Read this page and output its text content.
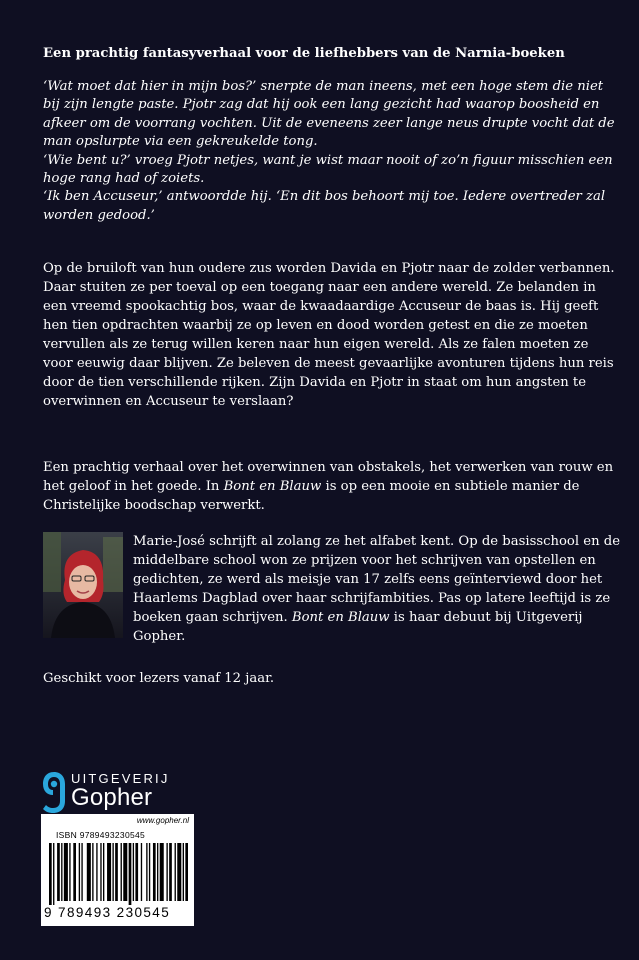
Een prachtig fantasyverhaal voor de liefhebbers van de Narnia-boeken

‘Wat moet dat hier in mijn bos?’ snerpte de man ineens, met een hoge stem die niet bij zijn lengte paste. Pjotr zag dat hij ook een lang gezicht had waarop boosheid en afkeer om de voorrang vochten. Uit de eveneens zeer lange neus drupte vocht dat de man opslurpte via een gekreukelde tong.

‘Wie bent u?’ vroeg Pjotr netjes, want je wist maar nooit of zo’n figuur misschien een hoge rang had of zoiets.

‘Ik ben Accuseur,’ antwoordde hij. ‘En dit bos behoort mij toe. Iedere overtreder zal worden gedood.’

Op de bruiloft van hun oudere zus worden Davida en Pjotr naar de zolder verbannen. Daar stuiten ze per toeval op een toegang naar een andere wereld. Ze belanden in een vreemd spookachtig bos, waar de kwaadaardige Accuseur de baas is. Hij geeft hen tien opdrachten waarbij ze op leven en dood worden getest en die ze moeten vervullen als ze terug willen keren naar hun eigen wereld. Als ze falen moeten ze voor eeuwig daar blijven. Ze beleven de meest gevaarlijke avonturen tijdens hun reis door de tien verschillende rijken. Zijn Davida en Pjotr in staat om hun angsten te overwinnen en Accuseur te verslaan?
Een prachtig verhaal over het overwinnen van obstakels, het verwerken van rouw en het geloof in het goede. In Bont en Blauw is op een mooie en subtiele manier de Christelijke boodschap verwerkt.
Marie-José schrijft al zolang ze het alfabet kent. Op de basisschool en de middelbare school won ze prijzen voor het schrijven van opstellen en gedichten, ze werd als meisje van 17 zelfs eens geïnterviewd door het Haarlems Dagblad over haar schrijfambities. Pas op latere leeftijd is ze boeken gaan schrijven. Bont en Blauw is haar debuut bij Uitgeverij Gopher.
Geschikt voor lezers vanaf 12 jaar.
UITGEVERIJ
Gopher
www.gopher.nl
ISBN 9789493230545
9 789493 230545
